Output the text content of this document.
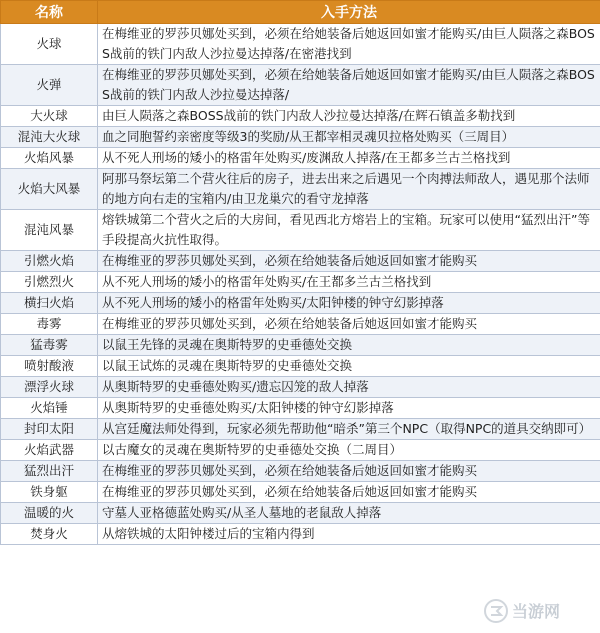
名称	入手方法
火球	在梅维亚的罗莎贝娜处买到，必须在给她装备后她返回如蜜才能购买/由巨人陨落之森BOSS战前的铁门内敌人沙拉曼达掉落/在密港找到
火弹	在梅维亚的罗莎贝娜处买到，必须在给她装备后她返回如蜜才能购买/由巨人陨落之森BOSS战前的铁门内敌人沙拉曼达掉落/
大火球	由巨人陨落之森BOSS战前的铁门内敌人沙拉曼达掉落/在辉石镇盖多勒找到
混沌大火球	血之同胞誓约亲密度等级3的奖励/从王都宰相灵魂贝拉格处购买（三周目）
火焰风暴	从不死人刑场的矮小的格雷年处购买/废渊敌人掉落/在王都多兰古兰格找到
火焰大风暴	阿那马祭坛第二个营火往后的房子，进去出来之后遇见一个肉搏法师敌人，遇见那个法师的地方向右走的宝箱内/由卫龙巢穴的看守龙掉落
混沌风暴	熔铁城第二个营火之后的大房间，看见西北方熔岩上的宝箱。玩家可以使用“猛烈出汗”等手段提高火抗性取得。
引燃火焰	在梅维亚的罗莎贝娜处买到，必须在给她装备后她返回如蜜才能购买
引燃烈火	从不死人刑场的矮小的格雷年处购买/在王都多兰古兰格找到
横扫火焰	从不死人刑场的矮小的格雷年处购买/太阳钟楼的钟守幻影掉落
毒雾	在梅维亚的罗莎贝娜处买到，必须在给她装备后她返回如蜜才能购买
猛毒雾	以鼠王先锋的灵魂在奥斯特罗的史垂德处交换
喷射酸液	以鼠王试炼的灵魂在奥斯特罗的史垂德处交换
漂浮火球	从奥斯特罗的史垂德处购买/遗忘囚笼的敌人掉落
火焰锤	从奥斯特罗的史垂德处购买/太阳钟楼的钟守幻影掉落
封印太阳	从宫廷魔法师处得到，玩家必须先帮助他“暗杀”第三个NPC（取得NPC的道具交纳即可）
火焰武器	以古魔女的灵魂在奥斯特罗的史垂德处交换（二周目）
猛烈出汗	在梅维亚的罗莎贝娜处买到，必须在给她装备后她返回如蜜才能购买
铁身躯	在梅维亚的罗莎贝娜处买到，必须在给她装备后她返回如蜜才能购买
温暖的火	守墓人亚格德蓝处购买/从圣人墓地的老鼠敌人掉落
焚身火	从熔铁城的太阳钟楼过后的宝箱内得到
当游网
